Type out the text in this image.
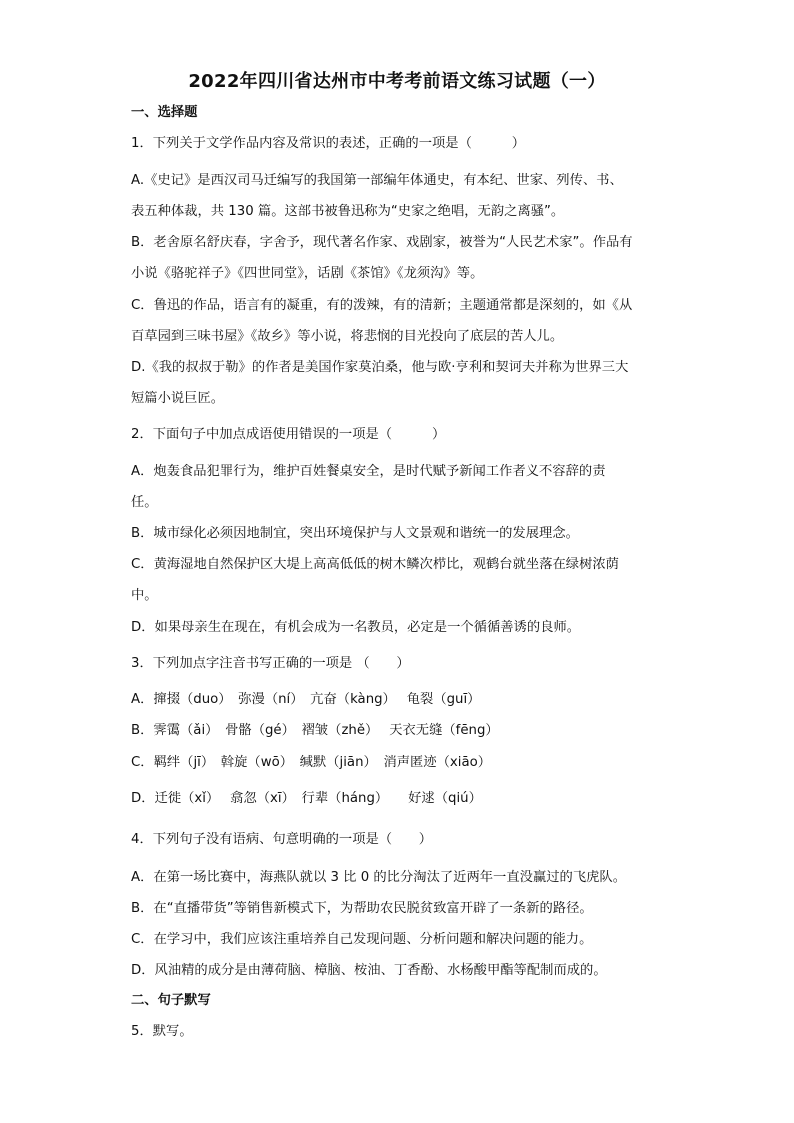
2022年四川省达州市中考考前语文练习试题（一）
一、选择题
1．下列关于文学作品内容及常识的表述，正确的一项是（　　　）
A.《史记》是西汉司马迁编写的我国第一部编年体通史，有本纪、世家、列传、书、
表五种体裁，共 130 篇。这部书被鲁迅称为“史家之绝唱，无韵之离骚”。
B．老舍原名舒庆春，字舍予，现代著名作家、戏剧家，被誉为“人民艺术家”。作品有
小说《骆驼祥子》《四世同堂》，话剧《茶馆》《龙须沟》等。
C．鲁迅的作品，语言有的凝重，有的泼辣，有的清新；主题通常都是深刻的，如《从
百草园到三味书屋》《故乡》等小说，将悲悯的目光投向了底层的苦人儿。
D.《我的叔叔于勒》的作者是美国作家莫泊桑，他与欧·亨利和契诃夫并称为世界三大
短篇小说巨匠。
2．下面句子中加点成语使用错误的一项是（　　　）
A．炮轰食品犯罪行为，维护百姓餐桌安全，是时代赋予新闻工作者义不容辞的责
任。
B．城市绿化必须因地制宜，突出环境保护与人文景观和谐统一的发展理念。
C．黄海湿地自然保护区大堤上高高低低的树木鳞次栉比，观鹤台就坐落在绿树浓荫
中。
D．如果母亲生在现在，有机会成为一名教员，必定是一个循循善诱的良师。
3．下列加点字注音书写正确的一项是 （　　）
A．撺掇（duo）　弥漫（ní）　亢奋（kàng）　 龟裂（guī）
B．霁霭（ǎi）　骨骼（gé）　褶皱（zhě）　 天衣无缝（fēng）
C．羁绊（jī）　斡旋（wō）　缄默（jiān）　消声匿迹（xiāo）
D．迁徙（xǐ）　 翕忽（xī）　行辈（háng）　　好逑（qiú）
4．下列句子没有语病、句意明确的一项是（　　）
A．在第一场比赛中，海燕队就以 3 比 0 的比分淘汰了近两年一直没赢过的飞虎队。
B．在“直播带货”等销售新模式下，为帮助农民脱贫致富开辟了一条新的路径。
C．在学习中，我们应该注重培养自己发现问题、分析问题和解决问题的能力。
D．风油精的成分是由薄荷脑、樟脑、桉油、丁香酚、水杨酸甲酯等配制而成的。
二、句子默写
5．默写。
